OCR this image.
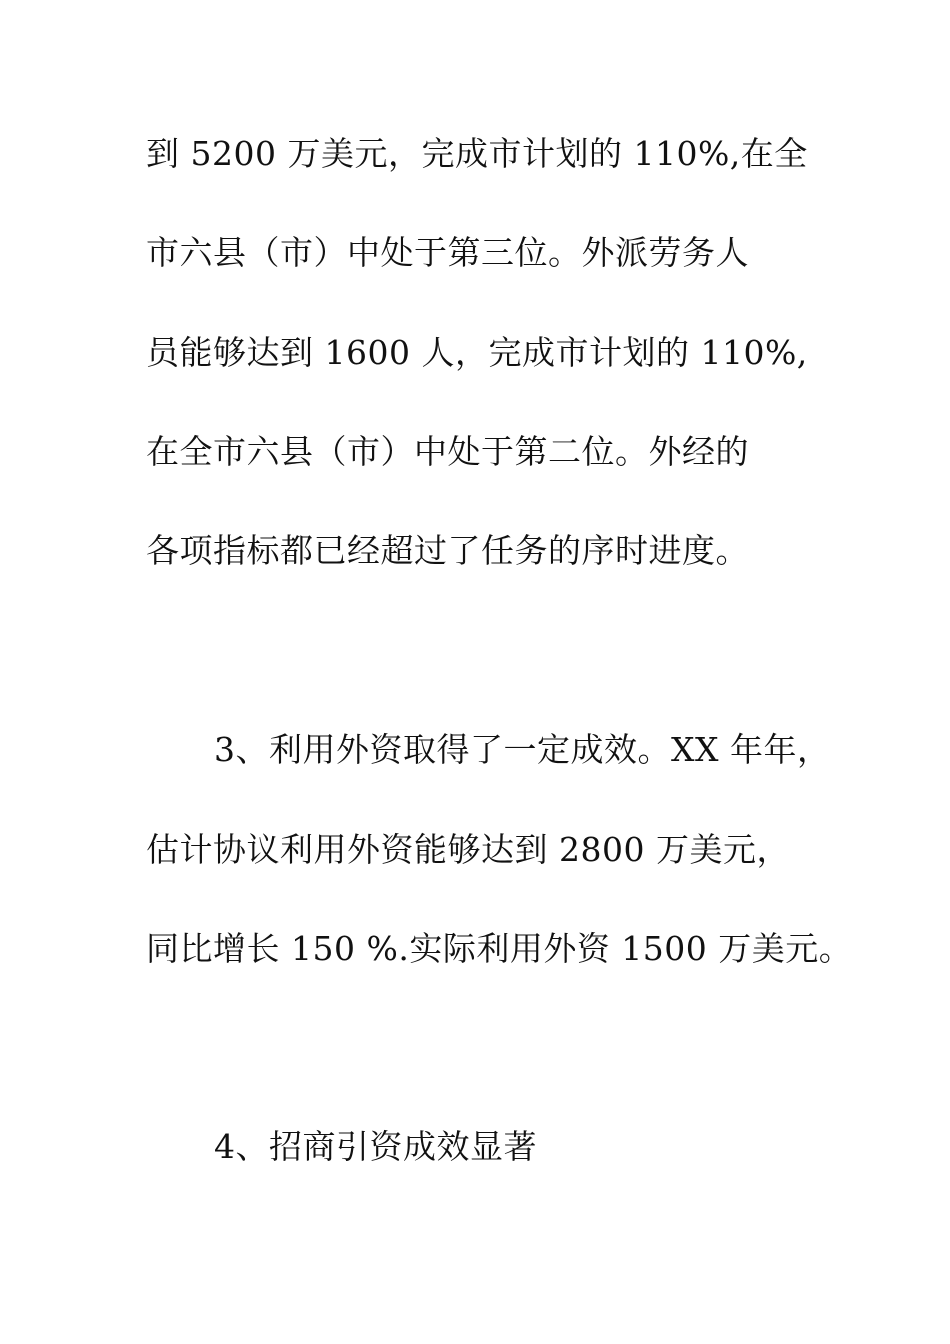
到 5200 万美元，完成市计划的 110%,在全
市六县（市）中处于第三位。外派劳务人
员能够达到 1600 人，完成市计划的 110%,
在全市六县（市）中处于第二位。外经的
各项指标都已经超过了任务的序时进度。
3、利用外资取得了一定成效。XX 年年，
估计协议利用外资能够达到 2800 万美元，
同比增长 150 %.实际利用外资 1500 万美元。
4、招商引资成效显著
